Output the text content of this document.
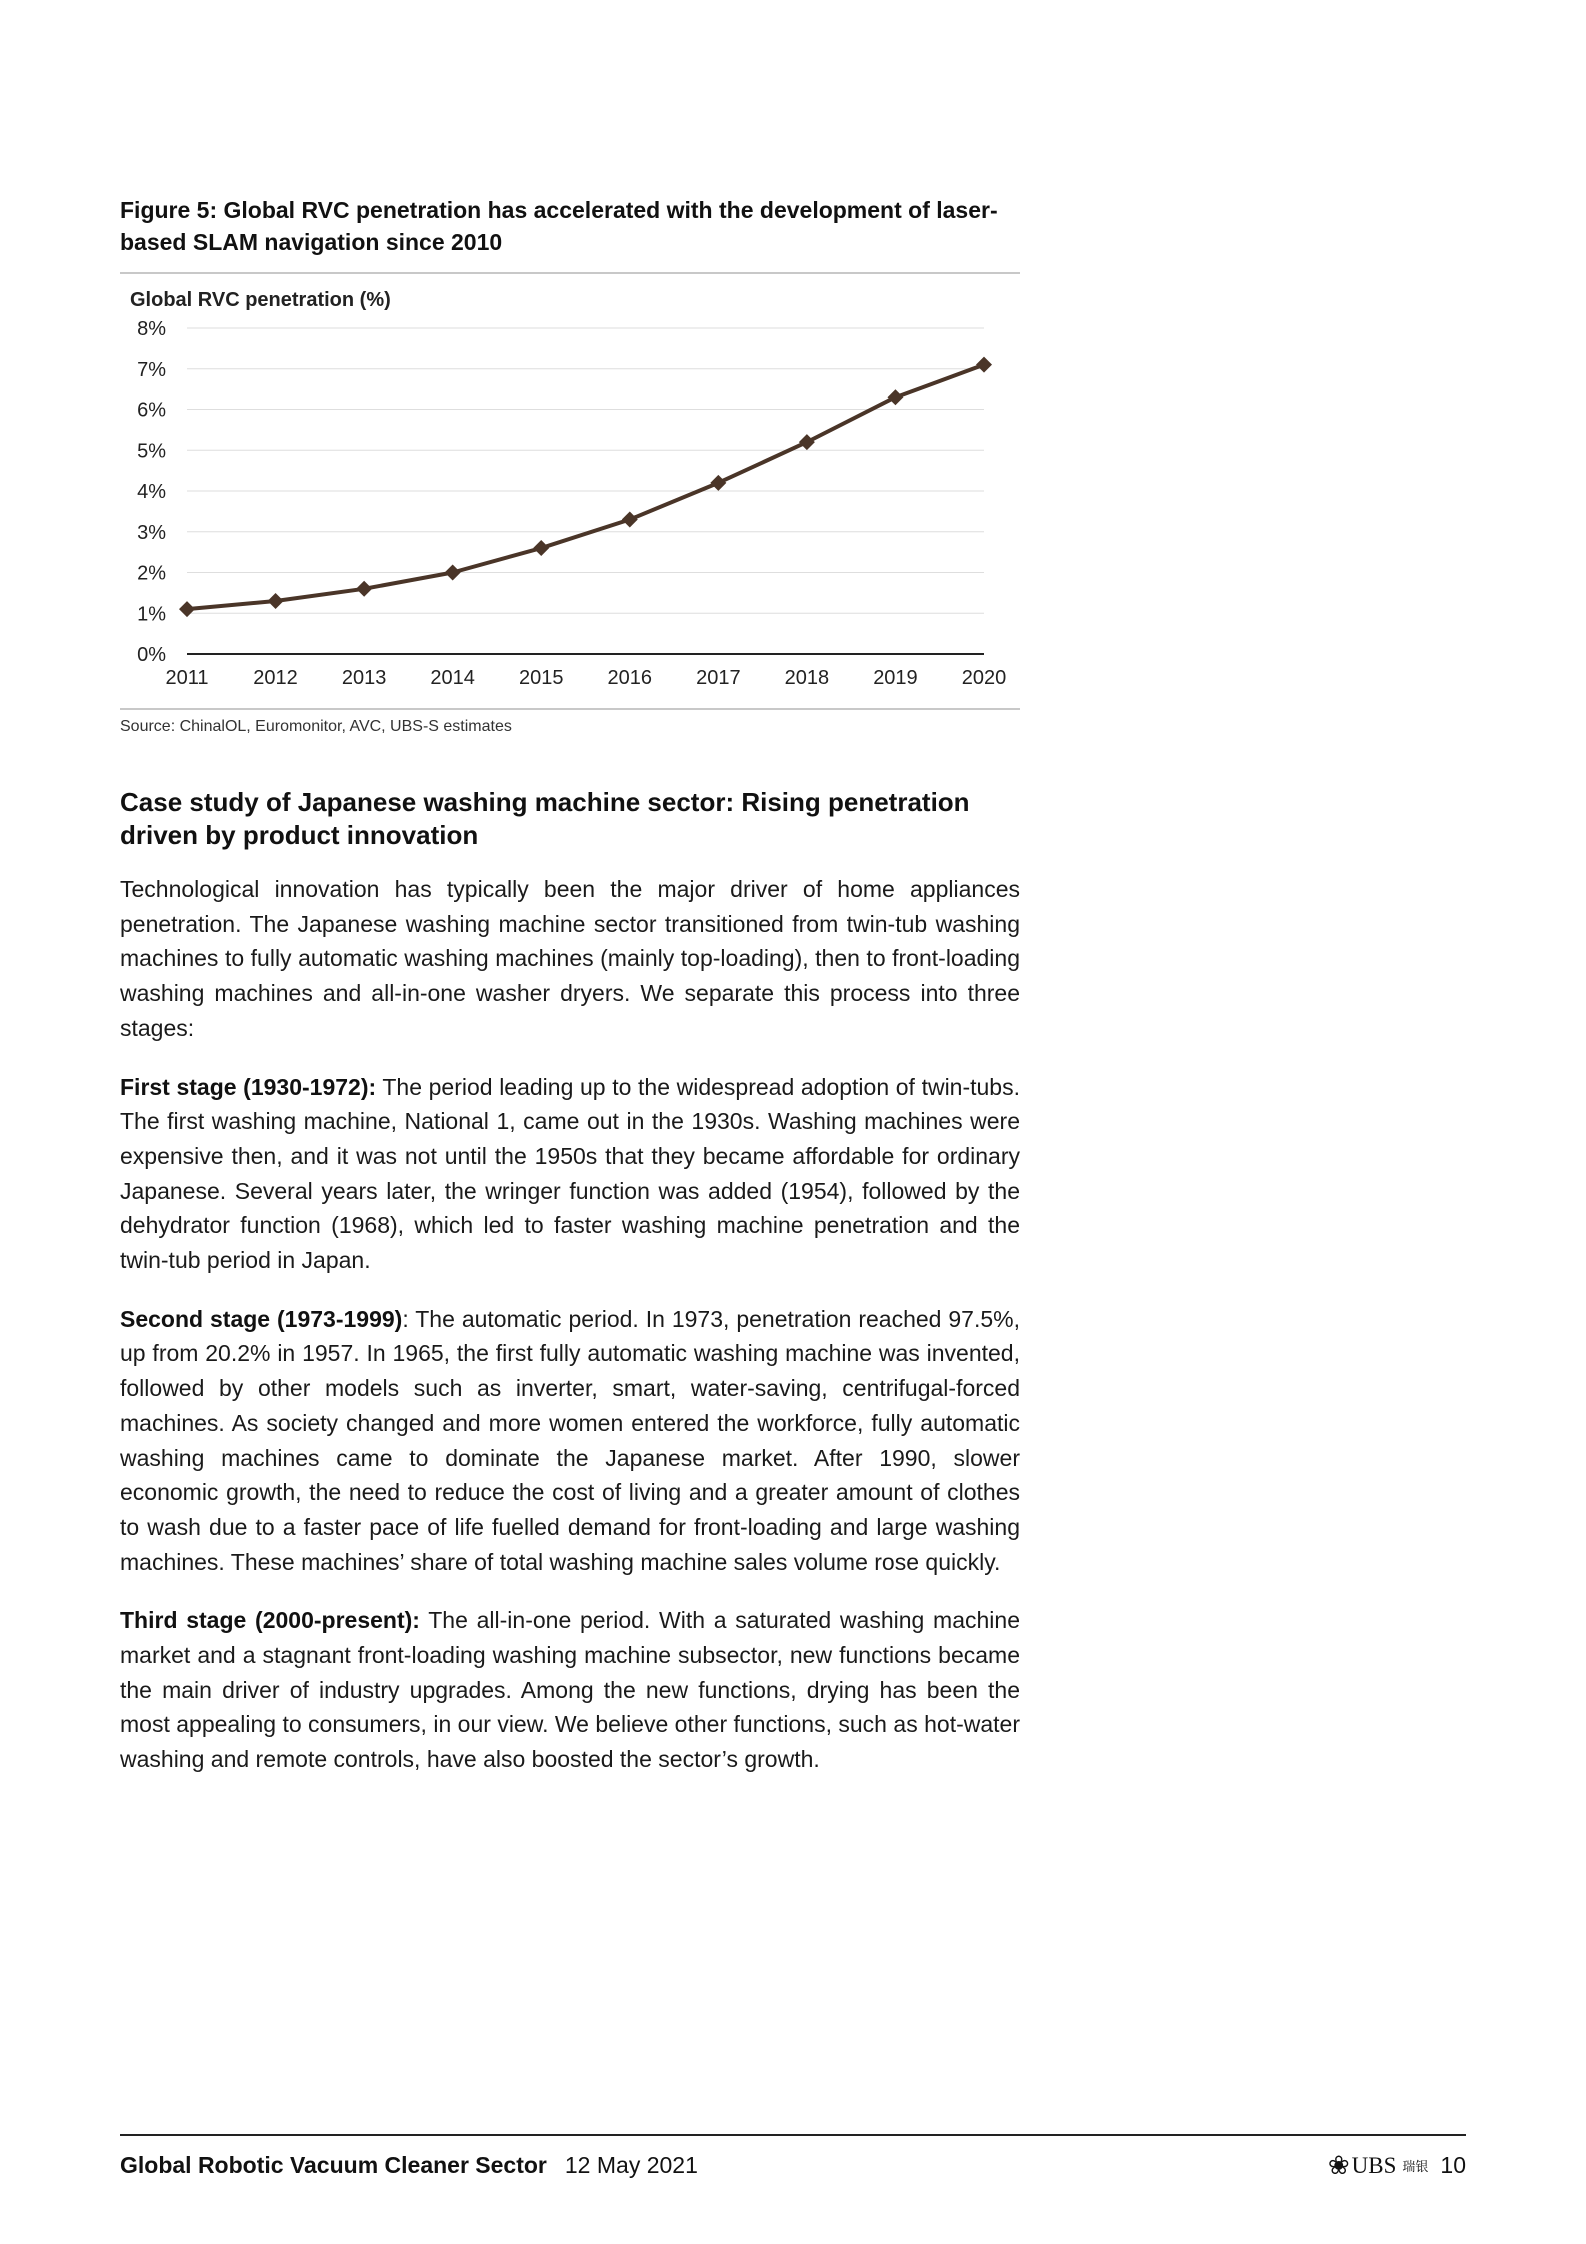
Figure 5: Global RVC penetration has accelerated with the development of laser-based SLAM navigation since 2010
Global RVC penetration (%)
0%
1%
2%
3%
4%
5%
6%
7%
8%
2011 2012 2013 2014 2015 2016 2017 2018 2019 2020

Source: ChinalOL, Euromonitor, AVC, UBS-S estimates

Case study of Japanese washing machine sector: Rising penetration driven by product innovation

Technological innovation has typically been the major driver of home appliances penetration. The Japanese washing machine sector transitioned from twin-tub washing machines to fully automatic washing machines (mainly top-loading), then to front-loading washing machines and all-in-one washer dryers. We separate this process into three stages:

First stage (1930-1972): The period leading up to the widespread adoption of twin-tubs. The first washing machine, National 1, came out in the 1930s. Washing machines were expensive then, and it was not until the 1950s that they became affordable for ordinary Japanese. Several years later, the wringer function was added (1954), followed by the dehydrator function (1968), which led to faster washing machine penetration and the twin-tub period in Japan.

Second stage (1973-1999): The automatic period. In 1973, penetration reached 97.5%, up from 20.2% in 1957. In 1965, the first fully automatic washing machine was invented, followed by other models such as inverter, smart, water-saving, centrifugal-forced machines. As society changed and more women entered the workforce, fully automatic washing machines came to dominate the Japanese market. After 1990, slower economic growth, the need to reduce the cost of living and a greater amount of clothes to wash due to a faster pace of life fuelled demand for front-loading and large washing machines. These machines’ share of total washing machine sales volume rose quickly.

Third stage (2000-present): The all-in-one period. With a saturated washing machine market and a stagnant front-loading washing machine subsector, new functions became the main driver of industry upgrades. Among the new functions, drying has been the most appealing to consumers, in our view. We believe other functions, such as hot-water washing and remote controls, have also boosted the sector’s growth.

Global Robotic Vacuum Cleaner Sector 12 May 2021	❀ UBS 瑞银 10
